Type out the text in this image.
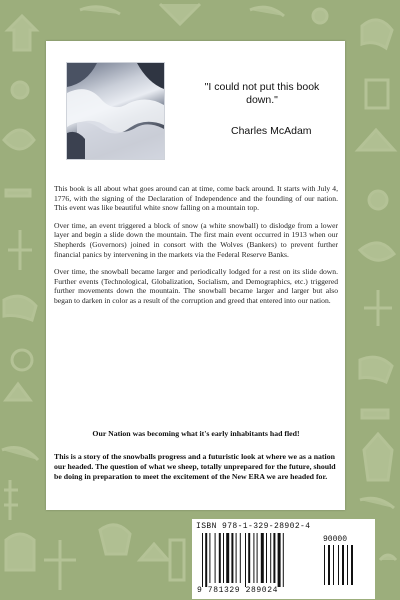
"I could not put this book down."
Charles McAdam

This book is all about what goes around can at time, come back around. It starts with July 4, 1776, with the signing of the Declaration of Independence and the founding of our nation. This event was like beautiful white snow falling on a mountain top.

Over time, an event triggered a block of snow (a white snowball) to dislodge from a lower layer and begin a slide down the mountain. The first main event occurred in 1913 when our Shepherds (Governors) joined in consort with the Wolves (Bankers) to prevent further financial panics by intervening in the markets via the Federal Reserve Banks.

Over time, the snowball became larger and periodically lodged for a rest on its slide down. Further events (Technological, Globalization, Socialism, and Demographics, etc.) triggered further movements down the mountain. The snowball became larger and larger but also began to darken in color as a result of the corruption and greed that entered into our nation.

Our Nation was becoming what it's early inhabitants had fled!
This is a story of the snowballs progress and a futuristic look at where we as a nation our headed. The question of what we sheep, totally unprepared for the future, should be doing in preparation to meet the excitement of the New ERA we are headed for.
ISBN 978-1-329-28902-4
90000
9 781329 289024
